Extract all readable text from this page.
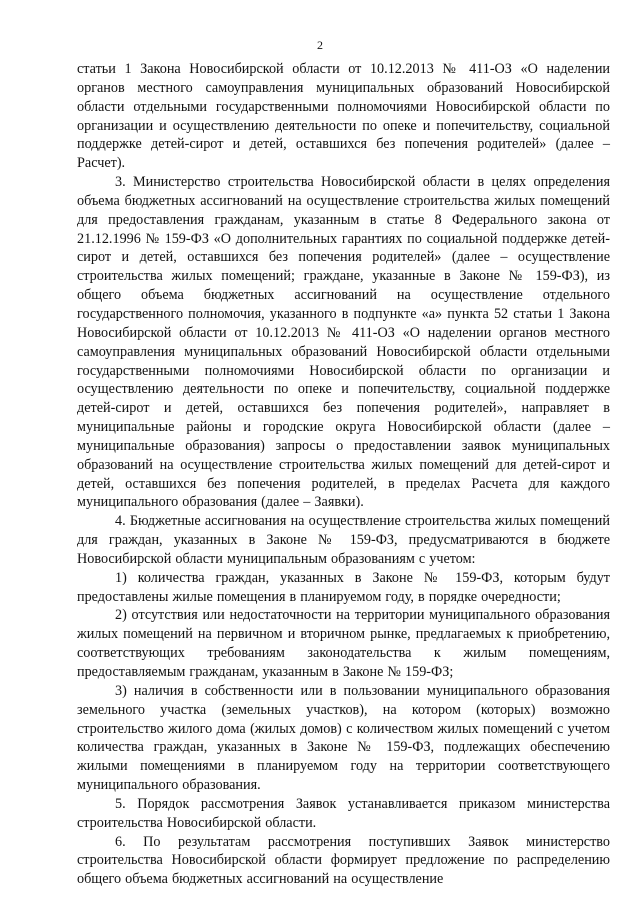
2

статьи 1 Закона Новосибирской области от 10.12.2013 № 411-ОЗ «О наделении органов местного самоуправления муниципальных образований Новосибирской области отдельными государственными полномочиями Новосибирской области по организации и осуществлению деятельности по опеке и попечительству, социальной поддержке детей-сирот и детей, оставшихся без попечения родителей» (далее – Расчет).

3. Министерство строительства Новосибирской области в целях определения объема бюджетных ассигнований на осуществление строительства жилых помещений для предоставления гражданам, указанным в статье 8 Федерального закона от 21.12.1996 № 159-ФЗ «О дополнительных гарантиях по социальной поддержке детей-сирот и детей, оставшихся без попечения родителей» (далее – осуществление строительства жилых помещений; граждане, указанные в Законе № 159-ФЗ), из общего объема бюджетных ассигнований на осуществление отдельного государственного полномочия, указанного в подпункте «а» пункта 52 статьи 1 Закона Новосибирской области от 10.12.2013 № 411-ОЗ «О наделении органов местного самоуправления муниципальных образований Новосибирской области отдельными государственными полномочиями Новосибирской области по организации и осуществлению деятельности по опеке и попечительству, социальной поддержке детей-сирот и детей, оставшихся без попечения родителей», направляет в муниципальные районы и городские округа Новосибирской области (далее – муниципальные образования) запросы о предоставлении заявок муниципальных образований на осуществление строительства жилых помещений для детей-сирот и детей, оставшихся без попечения родителей, в пределах Расчета для каждого муниципального образования (далее – Заявки).

4. Бюджетные ассигнования на осуществление строительства жилых помещений для граждан, указанных в Законе № 159-ФЗ, предусматриваются в бюджете Новосибирской области муниципальным образованиям с учетом:

1) количества граждан, указанных в Законе № 159-ФЗ, которым будут предоставлены жилые помещения в планируемом году, в порядке очередности;

2) отсутствия или недостаточности на территории муниципального образования жилых помещений на первичном и вторичном рынке, предлагаемых к приобретению, соответствующих требованиям законодательства к жилым помещениям, предоставляемым гражданам, указанным в Законе № 159-ФЗ;

3) наличия в собственности или в пользовании муниципального образования земельного участка (земельных участков), на котором (которых) возможно строительство жилого дома (жилых домов) с количеством жилых помещений с учетом количества граждан, указанных в Законе № 159-ФЗ, подлежащих обеспечению жилыми помещениями в планируемом году на территории соответствующего муниципального образования.

5. Порядок рассмотрения Заявок устанавливается приказом министерства строительства Новосибирской области.

6. По результатам рассмотрения поступивших Заявок министерство строительства Новосибирской области формирует предложение по распределению общего объема бюджетных ассигнований на осуществление
